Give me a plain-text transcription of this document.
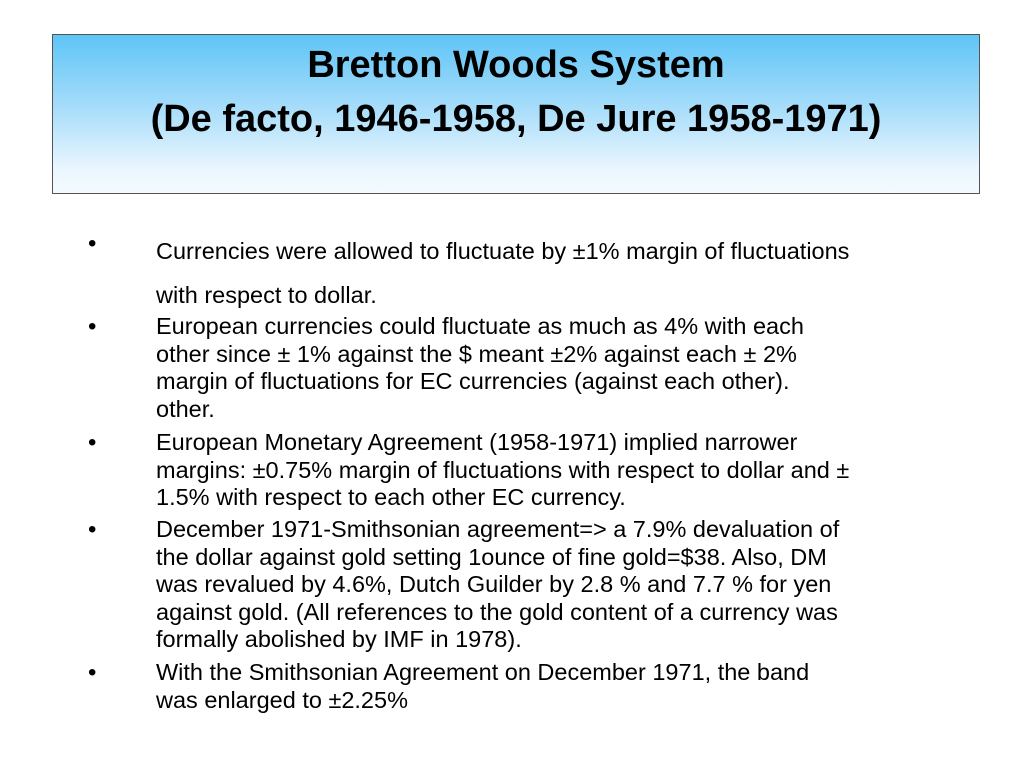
Bretton Woods System
(De facto, 1946-1958, De Jure 1958-1971)
•	Currencies were allowed to fluctuate by ±1% margin of fluctuations
with respect to dollar.
•	European currencies could fluctuate as much as 4% with each
other since ± 1% against the $ meant ±2% against each ± 2%
margin of fluctuations for EC currencies (against each other).
other.
•	European Monetary Agreement (1958-1971) implied narrower
margins: ±0.75% margin of fluctuations with respect to dollar and ±
1.5% with respect to each other EC currency.
•	December 1971-Smithsonian agreement=> a 7.9% devaluation of
the dollar against gold setting 1ounce of fine gold=$38. Also, DM
was revalued by 4.6%, Dutch Guilder by 2.8 % and 7.7 % for yen
against gold. (All references to the gold content of a currency was
formally abolished by IMF in 1978).
•	With the Smithsonian Agreement on December 1971, the band
was enlarged to ±2.25%
